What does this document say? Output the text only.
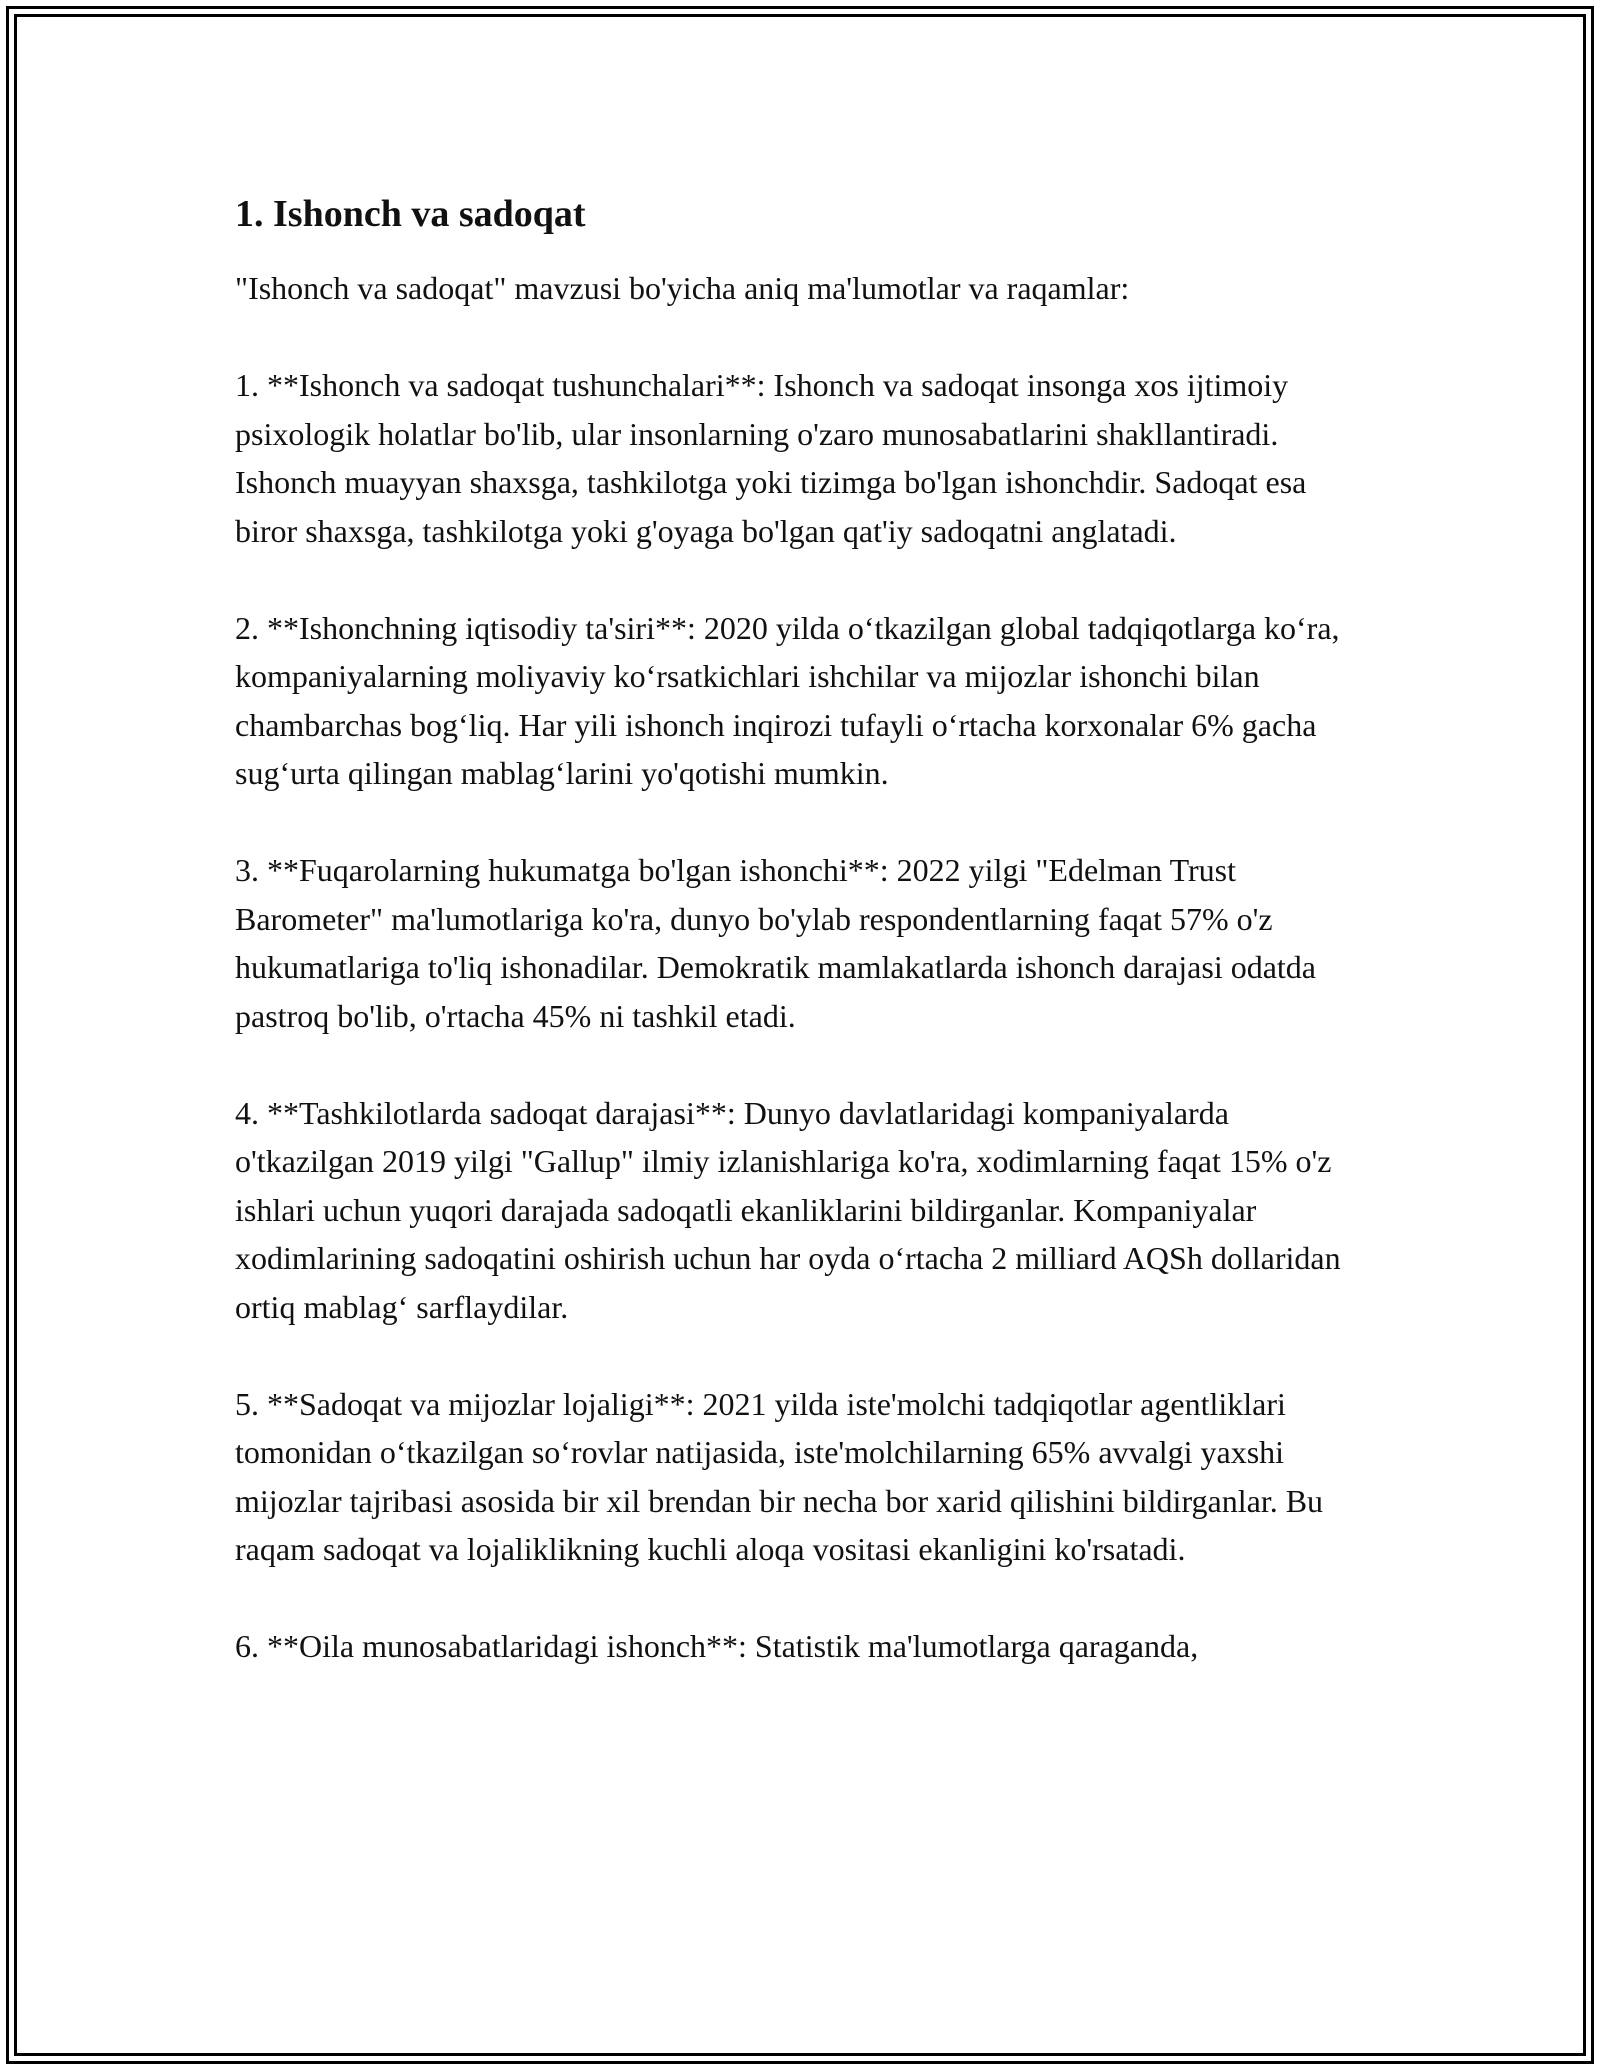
1. Ishonch va sadoqat

"Ishonch va sadoqat" mavzusi bo'yicha aniq ma'lumotlar va raqamlar:

1. **Ishonch va sadoqat tushunchalari**: Ishonch va sadoqat insonga xos ijtimoiy psixologik holatlar bo'lib, ular insonlarning o'zaro munosabatlarini shakllantiradi. Ishonch muayyan shaxsga, tashkilotga yoki tizimga bo'lgan ishonchdir. Sadoqat esa biror shaxsga, tashkilotga yoki g'oyaga bo'lgan qat'iy sadoqatni anglatadi.

2. **Ishonchning iqtisodiy ta'siri**: 2020 yilda o‘tkazilgan global tadqiqotlarga ko‘ra, kompaniyalarning moliyaviy ko‘rsatkichlari ishchilar va mijozlar ishonchi bilan chambarchas bog‘liq. Har yili ishonch inqirozi tufayli o‘rtacha korxonalar 6% gacha sug‘urta qilingan mablag‘larini yo'qotishi mumkin.

3. **Fuqarolarning hukumatga bo'lgan ishonchi**: 2022 yilgi "Edelman Trust Barometer" ma'lumotlariga ko'ra, dunyo bo'ylab respondentlarning faqat 57% o'z hukumatlariga to'liq ishonadilar. Demokratik mamlakatlarda ishonch darajasi odatda pastroq bo'lib, o'rtacha 45% ni tashkil etadi.

4. **Tashkilotlarda sadoqat darajasi**: Dunyo davlatlaridagi kompaniyalarda o'tkazilgan 2019 yilgi "Gallup" ilmiy izlanishlariga ko'ra, xodimlarning faqat 15% o'z ishlari uchun yuqori darajada sadoqatli ekanliklarini bildirganlar. Kompaniyalar xodimlarining sadoqatini oshirish uchun har oyda o‘rtacha 2 milliard AQSh dollaridan ortiq mablag‘ sarflaydilar.

5. **Sadoqat va mijozlar lojaligi**: 2021 yilda iste'molchi tadqiqotlar agentliklari tomonidan o‘tkazilgan so‘rovlar natijasida, iste'molchilarning 65% avvalgi yaxshi mijozlar tajribasi asosida bir xil brendan bir necha bor xarid qilishini bildirganlar. Bu raqam sadoqat va lojaliklikning kuchli aloqa vositasi ekanligini ko'rsatadi.

6. **Oila munosabatlaridagi ishonch**: Statistik ma'lumotlarga qaraganda,
